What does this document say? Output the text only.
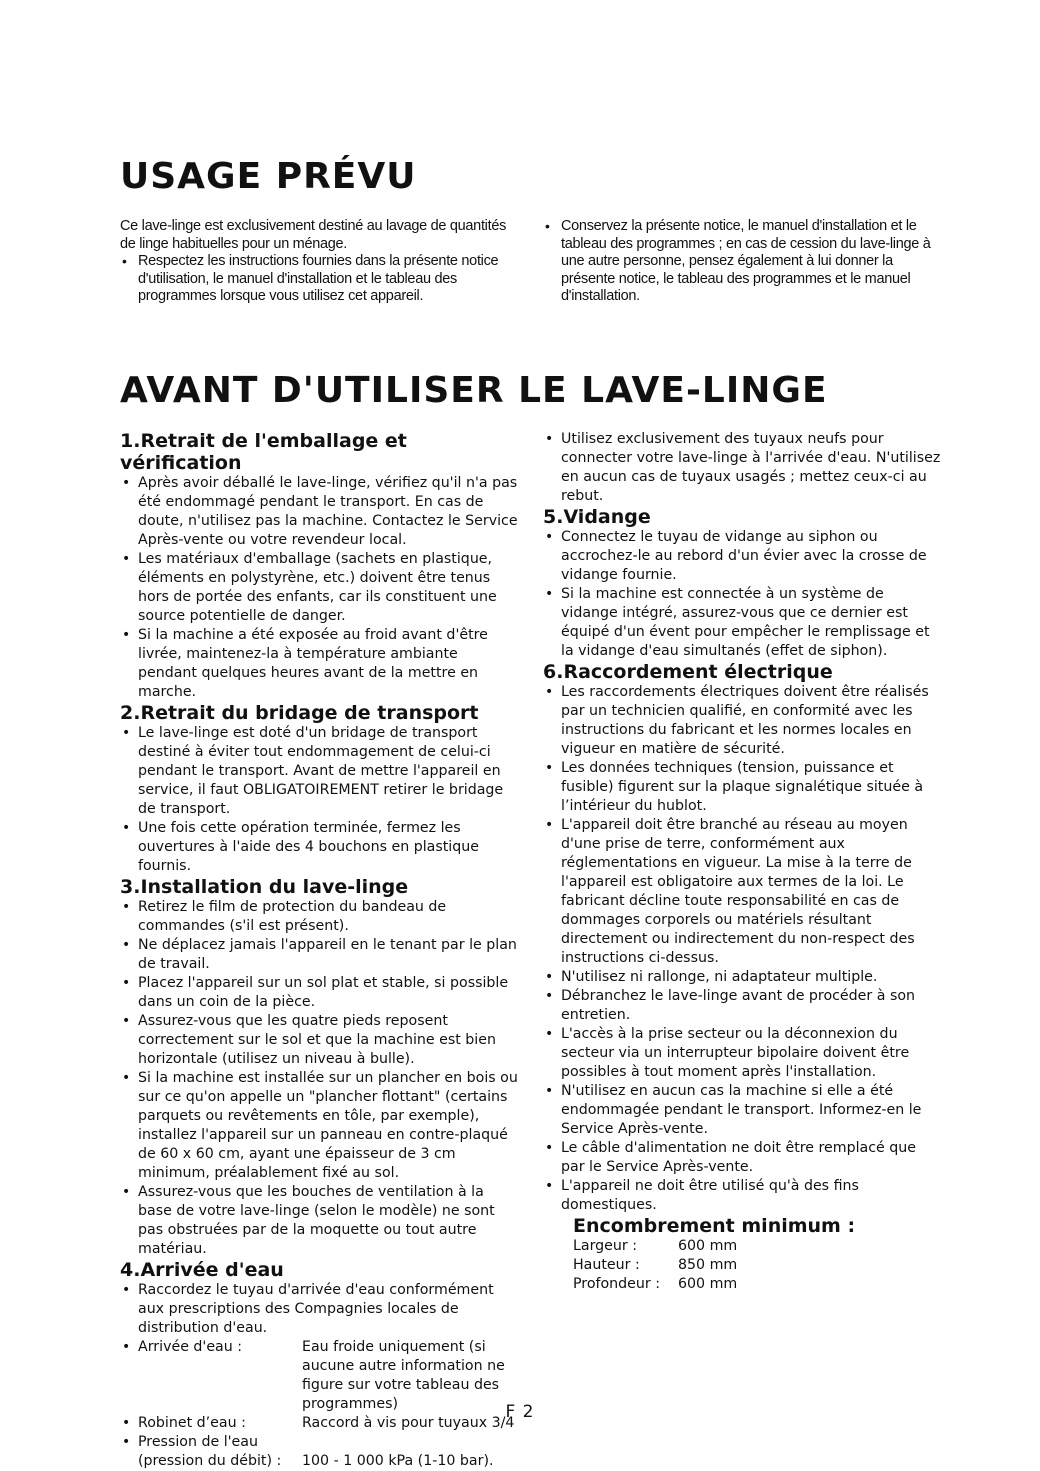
USAGE PRÉVU

Ce lave-linge est exclusivement destiné au lavage de quantités de linge habituelles pour un ménage.

• Respectez les instructions fournies dans la présente notice d'utilisation, le manuel d'installation et le tableau des programmes lorsque vous utilisez cet appareil.
• Conservez la présente notice, le manuel d'installation et le tableau des programmes ; en cas de cession du lave-linge à une autre personne, pensez également à lui donner la présente notice, le tableau des programmes et le manuel d'installation.
AVANT D'UTILISER LE LAVE-LINGE
1.Retrait de l'emballage et vérification
• Après avoir déballé le lave-linge, vérifiez qu'il n'a pas été endommagé pendant le transport. En cas de doute, n'utilisez pas la machine. Contactez le Service Après-vente ou votre revendeur local.
• Les matériaux d'emballage (sachets en plastique, éléments en polystyrène, etc.) doivent être tenus hors de portée des enfants, car ils constituent une source potentielle de danger.
• Si la machine a été exposée au froid avant d'être livrée, maintenez-la à température ambiante pendant quelques heures avant de la mettre en marche.
2.Retrait du bridage de transport
• Le lave-linge est doté d'un bridage de transport destiné à éviter tout endommagement de celui-ci pendant le transport. Avant de mettre l'appareil en service, il faut OBLIGATOIREMENT retirer le bridage de transport.
• Une fois cette opération terminée, fermez les ouvertures à l'aide des 4 bouchons en plastique fournis.
3.Installation du lave-linge
• Retirez le film de protection du bandeau de commandes (s'il est présent).
• Ne déplacez jamais l'appareil en le tenant par le plan de travail.
• Placez l'appareil sur un sol plat et stable, si possible dans un coin de la pièce.
• Assurez-vous que les quatre pieds reposent correctement sur le sol et que la machine est bien horizontale (utilisez un niveau à bulle).
• Si la machine est installée sur un plancher en bois ou sur ce qu'on appelle un "plancher flottant" (certains parquets ou revêtements en tôle, par exemple), installez l'appareil sur un panneau en contre-plaqué de 60 x 60 cm, ayant une épaisseur de 3 cm minimum, préalablement fixé au sol.
• Assurez-vous que les bouches de ventilation à la base de votre lave-linge (selon le modèle) ne sont pas obstruées par de la moquette ou tout autre matériau.
4.Arrivée d'eau
• Raccordez le tuyau d'arrivée d'eau conformément aux prescriptions des Compagnies locales de distribution d'eau.
• Arrivée d'eau :	Eau froide uniquement (si aucune autre information ne figure sur votre tableau des programmes)
• Robinet d’eau :	Raccord à vis pour tuyaux 3/4
• Pression de l'eau
(pression du débit) :	100 - 1 000 kPa (1-10 bar).
• Utilisez exclusivement des tuyaux neufs pour connecter votre lave-linge à l'arrivée d'eau. N'utilisez en aucun cas de tuyaux usagés ; mettez ceux-ci au rebut.
5.Vidange
• Connectez le tuyau de vidange au siphon ou accrochez-le au rebord d'un évier avec la crosse de vidange fournie.
• Si la machine est connectée à un système de vidange intégré, assurez-vous que ce dernier est équipé d'un évent pour empêcher le remplissage et la vidange d'eau simultanés (effet de siphon).
6.Raccordement électrique
• Les raccordements électriques doivent être réalisés par un technicien qualifié, en conformité avec les instructions du fabricant et les normes locales en vigueur en matière de sécurité.
• Les données techniques (tension, puissance et fusible) figurent sur la plaque signalétique située à l’intérieur du hublot.
• L'appareil doit être branché au réseau au moyen d'une prise de terre, conformément aux réglementations en vigueur. La mise à la terre de l'appareil est obligatoire aux termes de la loi. Le fabricant décline toute responsabilité en cas de dommages corporels ou matériels résultant directement ou indirectement du non-respect des instructions ci-dessus.
• N'utilisez ni rallonge, ni adaptateur multiple.
• Débranchez le lave-linge avant de procéder à son entretien.
• L'accès à la prise secteur ou la déconnexion du secteur via un interrupteur bipolaire doivent être possibles à tout moment après l'installation.
• N'utilisez en aucun cas la machine si elle a été endommagée pendant le transport. Informez-en le Service Après-vente.
• Le câble d'alimentation ne doit être remplacé que par le Service Après-vente.
• L'appareil ne doit être utilisé qu'à des fins domestiques.
Encombrement minimum :
Largeur :	600 mm
Hauteur :	850 mm
Profondeur :	600 mm
F 2
